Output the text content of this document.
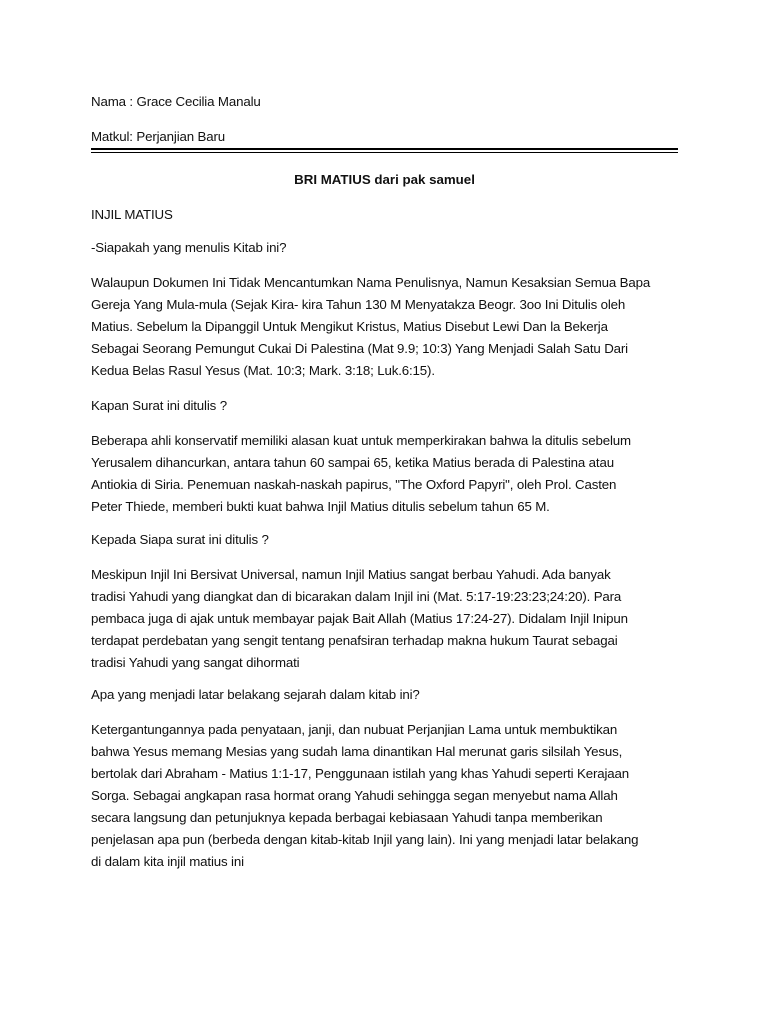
Nama : Grace Cecilia Manalu
Matkul: Perjanjian Baru
BRI MATIUS dari pak samuel
INJIL MATIUS
-Siapakah yang menulis Kitab ini?
Walaupun Dokumen Ini Tidak Mencantumkan Nama Penulisnya, Namun Kesaksian Semua Bapa
Gereja Yang Mula-mula (Sejak Kira- kira Tahun 130 M Menyatakza Beogr. 3oo Ini Ditulis oleh
Matius. Sebelum la Dipanggil Untuk Mengikut Kristus, Matius Disebut Lewi Dan la Bekerja
Sebagai Seorang Pemungut Cukai Di Palestina (Mat 9.9; 10:3) Yang Menjadi Salah Satu Dari
Kedua Belas Rasul Yesus (Mat. 10:3; Mark. 3:18; Luk.6:15).
Kapan Surat ini ditulis ?
Beberapa ahli konservatif memiliki alasan kuat untuk memperkirakan bahwa la ditulis sebelum
Yerusalem dihancurkan, antara tahun 60 sampai 65, ketika Matius berada di Palestina atau
Antiokia di Siria. Penemuan naskah-naskah papirus, "The Oxford Papyri", oleh Prol. Casten
Peter Thiede, memberi bukti kuat bahwa Injil Matius ditulis sebelum tahun 65 M.
Kepada Siapa surat ini ditulis ?
Meskipun Injil Ini Bersivat Universal, namun Injil Matius sangat berbau Yahudi. Ada banyak
tradisi Yahudi yang diangkat dan di bicarakan dalam Injil ini (Mat. 5:17-19:23:23;24:20). Para
pembaca juga di ajak untuk membayar pajak Bait Allah (Matius 17:24-27). Didalam Injil Inipun
terdapat perdebatan yang sengit tentang penafsiran terhadap makna hukum Taurat sebagai
tradisi Yahudi yang sangat dihormati
Apa yang menjadi latar belakang sejarah dalam kitab ini?
Ketergantungannya pada penyataan, janji, dan nubuat Perjanjian Lama untuk membuktikan
bahwa Yesus memang Mesias yang sudah lama dinantikan Hal merunat garis silsilah Yesus,
bertolak dari Abraham - Matius 1:1-17, Penggunaan istilah yang khas Yahudi seperti Kerajaan
Sorga. Sebagai angkapan rasa hormat orang Yahudi sehingga segan menyebut nama Allah
secara langsung dan petunjuknya kepada berbagai kebiasaan Yahudi tanpa memberikan
penjelasan apa pun (berbeda dengan kitab-kitab Injil yang lain). Ini yang menjadi latar belakang
di dalam kita injil matius ini
